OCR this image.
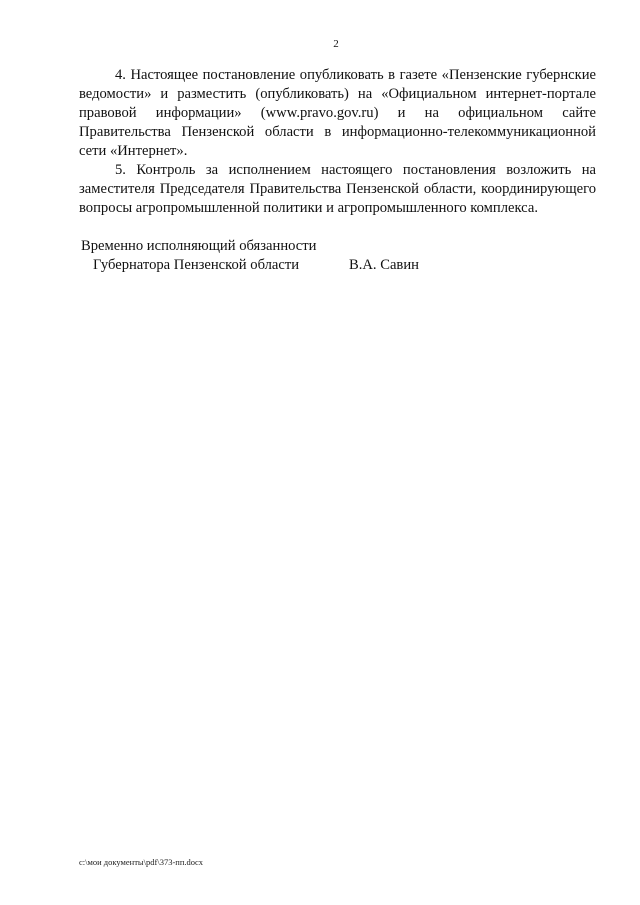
2

4. Настоящее постановление опубликовать в газете «Пензенские губернские ведомости» и разместить (опубликовать) на «Официальном интернет-портале правовой информации» (www.pravo.gov.ru) и на официальном сайте Правительства Пензенской области в информационно-телекоммуникационной сети «Интернет».

5. Контроль за исполнением настоящего постановления возложить на заместителя Председателя Правительства Пензенской области, координирующего вопросы агропромышленной политики и агропромышленного комплекса.

Временно исполняющий обязанности
Губернатора Пензенской области	В.А. Савин
c:\мои документы\pdf\373-пп.docx
